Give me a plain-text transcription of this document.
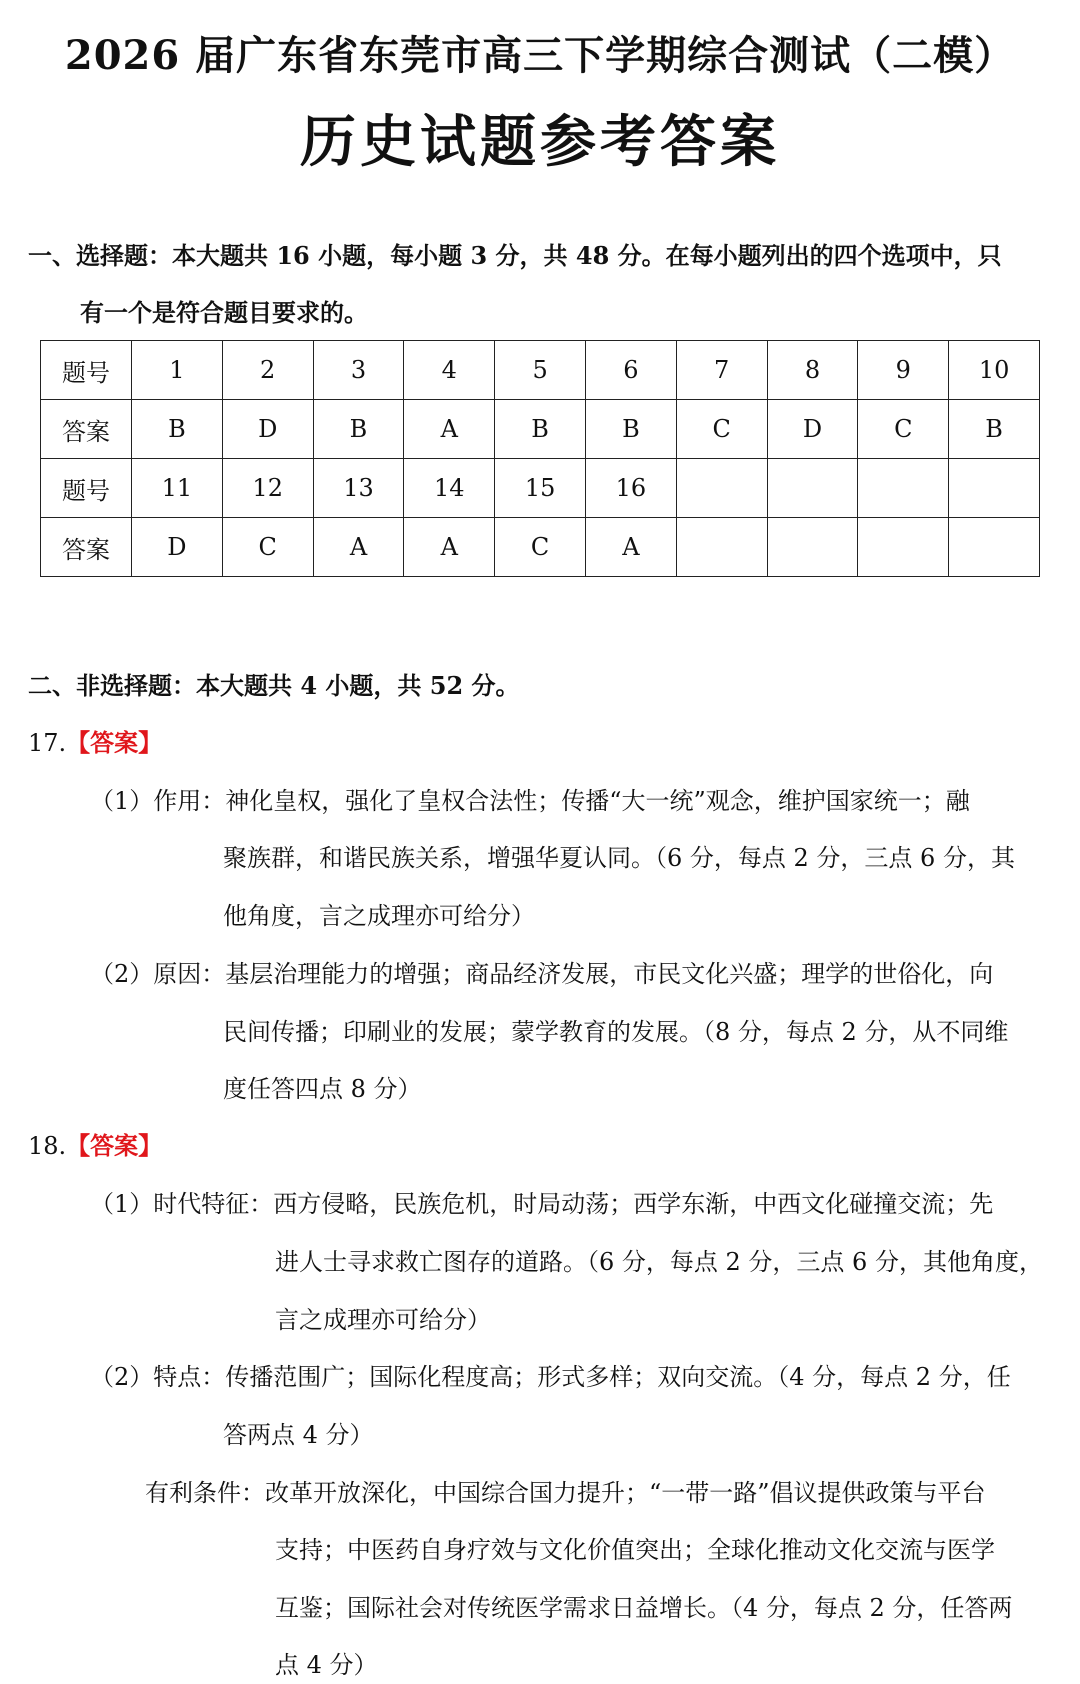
2026 届广东省东莞市高三下学期综合测试（二模）
历史试题参考答案
一、选择题：本大题共 16 小题，每小题 3 分，共 48 分。在每小题列出的四个选项中，只
有一个是符合题目要求的。
题号	1	2	3	4	5	6	7	8	9	10
答案	B	D	B	A	B	B	C	D	C	B
题号	11	12	13	14	15	16				
答案	D	C	A	A	C	A				
二、非选择题：本大题共 4 小题，共 52 分。
17.【答案】
（1）作用：神化皇权，强化了皇权合法性；传播“大一统”观念，维护国家统一；融
聚族群，和谐民族关系，增强华夏认同。（6 分，每点 2 分，三点 6 分，其
他角度，言之成理亦可给分）
（2）原因：基层治理能力的增强；商品经济发展，市民文化兴盛；理学的世俗化，向
民间传播；印刷业的发展；蒙学教育的发展。（8 分，每点 2 分，从不同维
度任答四点 8 分）
18.【答案】
（1）时代特征：西方侵略，民族危机，时局动荡；西学东渐，中西文化碰撞交流；先
进人士寻求救亡图存的道路。（6 分，每点 2 分，三点 6 分，其他角度，
言之成理亦可给分）
（2）特点：传播范围广；国际化程度高；形式多样；双向交流。（4 分，每点 2 分，任
答两点 4 分）
有利条件：改革开放深化，中国综合国力提升；“一带一路”倡议提供政策与平台
支持；中医药自身疗效与文化价值突出；全球化推动文化交流与医学
互鉴；国际社会对传统医学需求日益增长。（4 分，每点 2 分，任答两
点 4 分）
